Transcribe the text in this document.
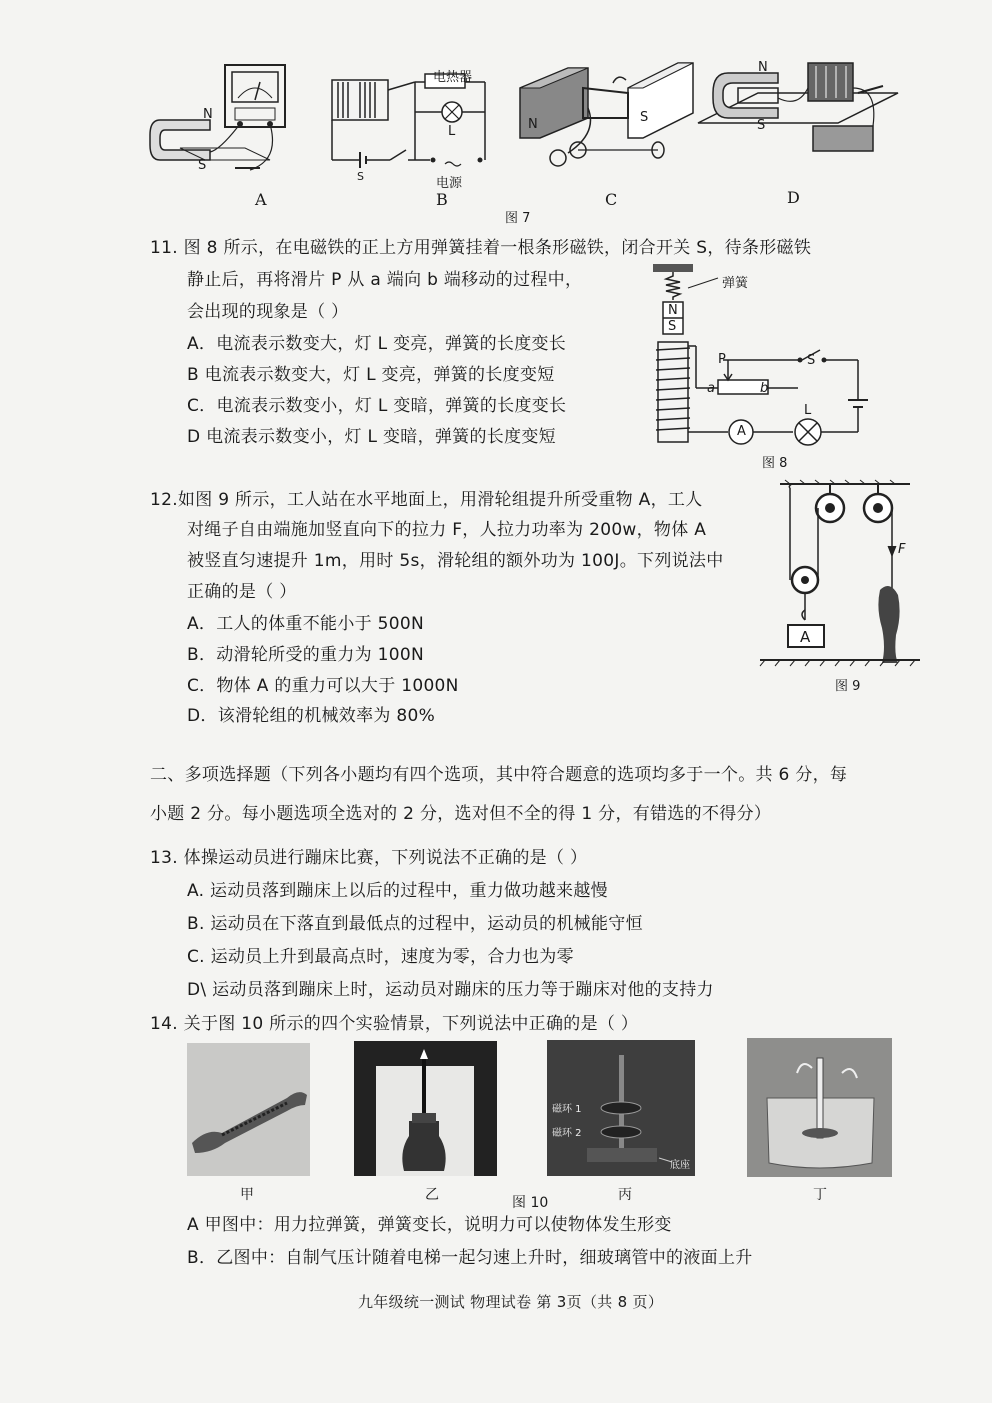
N
S
电热器
L
S	电源
N	S
N
S
A	B	C	D
图 7
11. 图 8 所示，在电磁铁的正上方用弹簧挂着一根条形磁铁，闭合开关 S，待条形磁铁
静止后，再将滑片 P 从 a 端向 b 端移动的过程中，
会出现的现象是（ ）
A．电流表示数变大，灯 L 变亮，弹簧的长度变长
B 电流表示数变大，灯 L 变亮，弹簧的长度变短
C．电流表示数变小，灯 L 变暗，弹簧的长度变长
D 电流表示数变小，灯 L 变暗，弹簧的长度变短
弹簧
N
S
P
a	b
S
L
A
图 8
12.如图 9 所示，工人站在水平地面上，用滑轮组提升所受重物 A，工人
对绳子自由端施加竖直向下的拉力 F，人拉力功率为 200w，物体 A
被竖直匀速提升 1m，用时 5s，滑轮组的额外功为 100J。下列说法中
正确的是（ ）
A．工人的体重不能小于 500N
B．动滑轮所受的重力为 100N
C．物体 A 的重力可以大于 1000N
D．该滑轮组的机械效率为 80%
F
A
图 9
二、多项选择题（下列各小题均有四个选项，其中符合题意的选项均多于一个。共 6 分，每
小题 2 分。每小题选项全选对的 2 分，选对但不全的得 1 分，有错选的不得分）
13. 体操运动员进行蹦床比赛，下列说法不正确的是（ ）
A. 运动员落到蹦床上以后的过程中，重力做功越来越慢
B. 运动员在下落直到最低点的过程中，运动员的机械能守恒
C. 运动员上升到最高点时，速度为零，合力也为零
D\ 运动员落到蹦床上时，运动员对蹦床的压力等于蹦床对他的支持力
14. 关于图 10 所示的四个实验情景，下列说法中正确的是（ ）
磁环 1
磁环 2
底座
甲	乙	丙	丁
图 10
A 甲图中：用力拉弹簧，弹簧变长，说明力可以使物体发生形变
B．乙图中：自制气压计随着电梯一起匀速上升时，细玻璃管中的液面上升
九年级统一测试 物理试卷 第 3页（共 8 页）
